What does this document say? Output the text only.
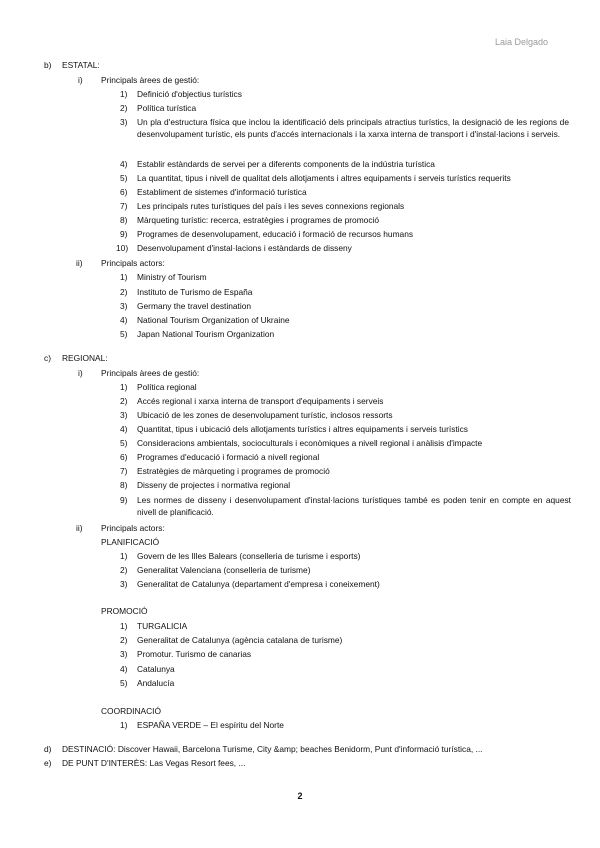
Laia Delgado
b) ESTATAL:
i) Principals àrees de gestió:
1) Definició d'objectius turístics
2) Política turística
3) Un pla d'estructura física que inclou la identificació dels principals atractius turístics, la designació de les regions de desenvolupament turístic, els punts d'accés internacionals i la xarxa interna de transport i d'instal·lacions i serveis.
4) Establir estàndards de servei per a diferents components de la indústria turística
5) La quantitat, tipus i nivell de qualitat dels allotjaments i altres equipaments i serveis turístics requerits
6) Establiment de sistemes d'informació turística
7) Les principals rutes turístiques del país i les seves connexions regionals
8) Màrqueting turístic: recerca, estratègies i programes de promoció
9) Programes de desenvolupament, educació i formació de recursos humans
10) Desenvolupament d'instal·lacions i estàndards de disseny
ii) Principals actors:
1) Ministry of Tourism
2) Instituto de Turismo de España
3) Germany the travel destination
4) National Tourism Organization of Ukraine
5) Japan National Tourism Organization
c) REGIONAL:
i) Principals àrees de gestió:
1) Política regional
2) Accés regional i xarxa interna de transport d'equipaments i serveis
3) Ubicació de les zones de desenvolupament turístic, inclosos ressorts
4) Quantitat, tipus i ubicació dels allotjaments turístics i altres equipaments i serveis turístics
5) Consideracions ambientals, socioculturals i econòmiques a nivell regional i anàlisis d'impacte
6) Programes d'educació i formació a nivell regional
7) Estratègies de màrqueting i programes de promoció
8) Disseny de projectes i normativa regional
9) Les normes de disseny i desenvolupament d'instal·lacions turístiques també es poden tenir en compte en aquest nivell de planificació.
ii) Principals actors:
PLANIFICACIÓ
1) Govern de les Illes Balears (conselleria de turisme i esports)
2) Generalitat Valenciana (conselleria de turisme)
3) Generalitat de Catalunya (departament d'empresa i coneixement)
PROMOCIÓ
1) TURGALICIA
2) Generalitat de Catalunya (agència catalana de turisme)
3) Promotur. Turismo de canarias
4) Catalunya
5) Andalucía
COORDINACIÓ
1) ESPAÑA VERDE – El espíritu del Norte
d) DESTINACIÓ: Discover Hawaii, Barcelona Turisme, City &amp; beaches Benidorm, Punt d'informació turística, ...
e) DE PUNT D'INTERÈS: Las Vegas Resort fees, ...
2
